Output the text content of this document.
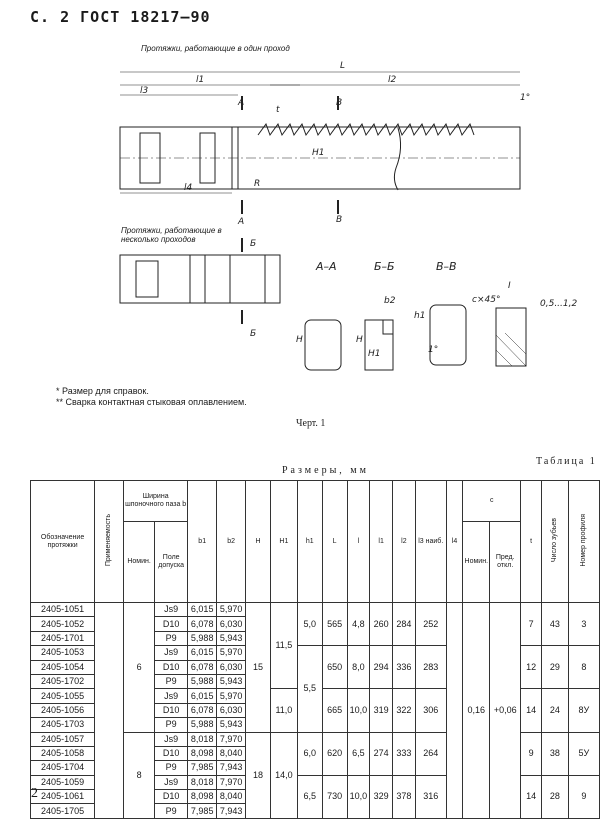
С. 2 ГОСТ 18217—90
L
l1	l2
l3
l4
t
H1
1°
R
А
А
В
В
Б
Б
А–А	Б–Б	В–В
H	H
b2
H1
h1
1°
c×45°	0,5...1,2
I
Протяжки, работающие в один проход
Протяжки, работающие в несколько проходов
* Размер для справок.
** Сварка контактная стыковая оплавлением.
Черт. 1
Размеры, мм
Таблица 1
Обозначение протяжки	Применяемость	Ширина шпоночного паза b		b1	b2	H	H1	h1	L	l	l1	l2	l3 наиб.	l4	c		t	Число зубьев	Номер профиля
		Номин.	Поле допуска												Номин.	Пред. откл.			
2405-1051		6	Js9	6,015	5,970	15	11,5	5,0	565	4,8	260	284	252		0,16	+0,06	7	43	3
2405-1052			D10	6,078	6,030														
2405-1701			P9	5,988	5,943														
2405-1053			Js9	6,015	5,970			5,5	650	8,0	294	336	283				12	29	8
2405-1054			D10	6,078	6,030														
2405-1702			P9	5,988	5,943														
2405-1055			Js9	6,015	5,970		11,0		665	10,0	319	322	306				14	24	8У
2405-1056			D10	6,078	6,030														
2405-1703			P9	5,988	5,943														
2405-1057		8	Js9	8,018	7,970	18	14,0	6,0	620	6,5	274	333	264				9	38	5У
2405-1058			D10	8,098	8,040														
2405-1704			P9	7,985	7,943														
2405-1059			Js9	8,018	7,970			6,5	730	10,0	329	378	316				14	28	9
2405-1061			D10	8,098	8,040														
2405-1705			P9	7,985	7,943														
2
